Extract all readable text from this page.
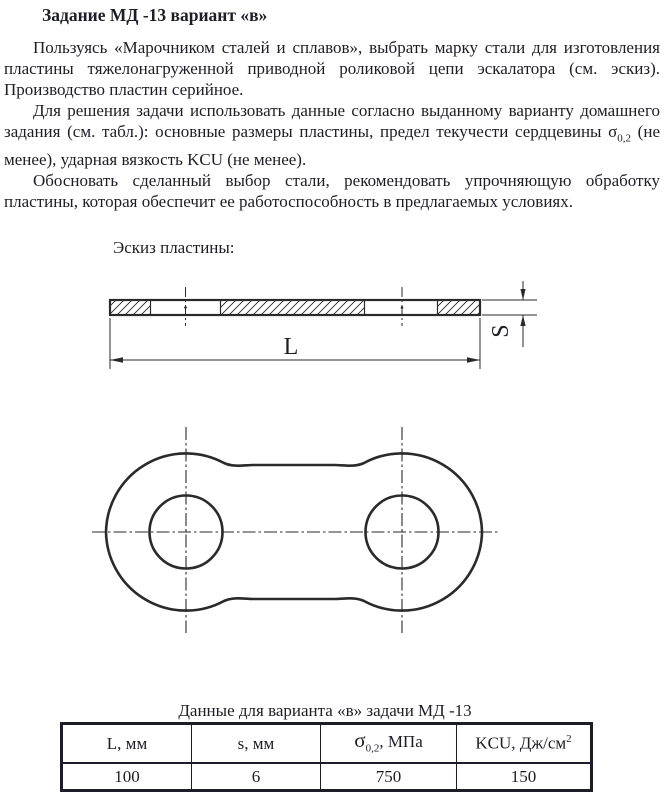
Задание МД -13 вариант «в»

Пользуясь «Марочником сталей и сплавов», выбрать марку стали для изготовления пластины тяжелонагруженной приводной роликовой цепи эскалатора (см. эскиз). Производство пластин серийное.

Для решения задачи использовать данные согласно выданному варианту домашнего задания (см. табл.): основные размеры пластины, предел текучести сердцевины $\sigma_{0,2}$ (не менее), ударная вязкость KCU (не менее).

Обосновать сделанный выбор стали, рекомендовать упрочняющую обработку пластины, которая обеспечит ее работоспособность в предлагаемых условиях.

Эскиз пластины:
L
S
Данные для варианта «в» задачи МД -13
L, мм	s, мм	$\sigma_{0,2}$, МПа	KCU, $Дж/см^2$
100	6	750	150
